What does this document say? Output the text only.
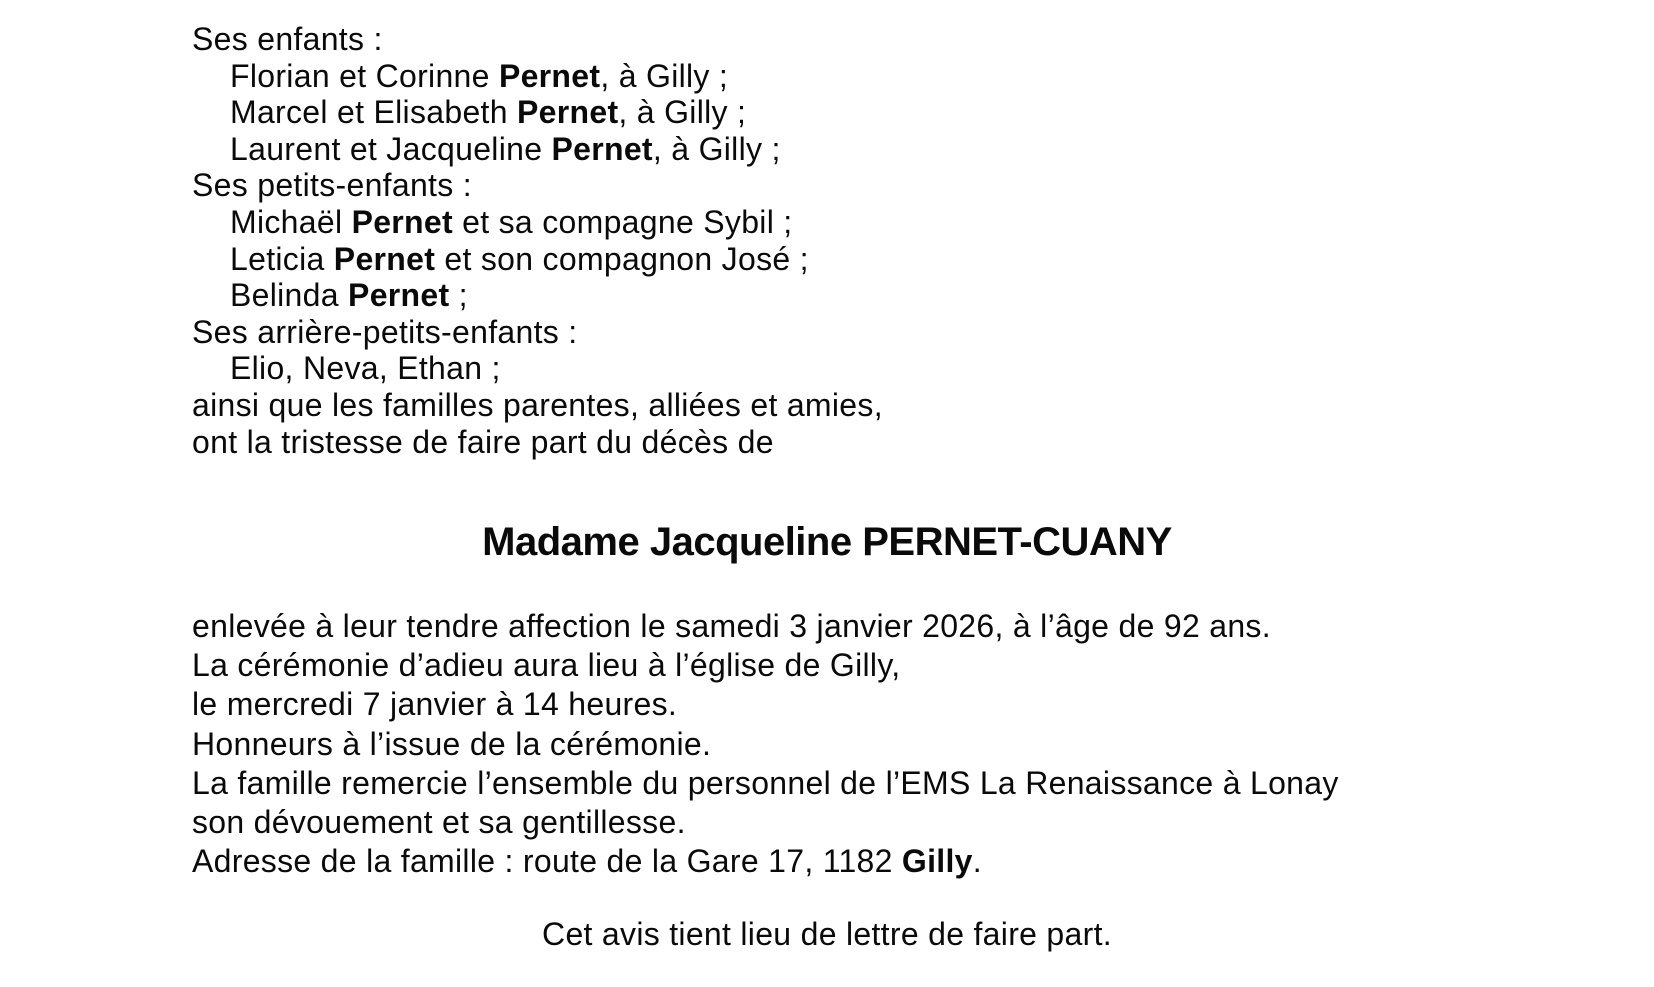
Ses enfants :
Florian et Corinne Pernet, à Gilly ;
Marcel et Elisabeth Pernet, à Gilly ;
Laurent et Jacqueline Pernet, à Gilly ;
Ses petits-enfants :
Michaël Pernet et sa compagne Sybil ;
Leticia Pernet et son compagnon José ;
Belinda Pernet ;
Ses arrière-petits-enfants :
Elio, Neva, Ethan ;
ainsi que les familles parentes, alliées et amies,
ont la tristesse de faire part du décès de
Madame Jacqueline PERNET-CUANY
enlevée à leur tendre affection le samedi 3 janvier 2026, à l’âge de 92 ans.
La cérémonie d’adieu aura lieu à l’église de Gilly,
le mercredi 7 janvier à 14 heures.
Honneurs à l’issue de la cérémonie.
La famille remercie l’ensemble du personnel de l’EMS La Renaissance à Lonay
son dévouement et sa gentillesse.
Adresse de la famille : route de la Gare 17, 1182 Gilly.
Cet avis tient lieu de lettre de faire part.
